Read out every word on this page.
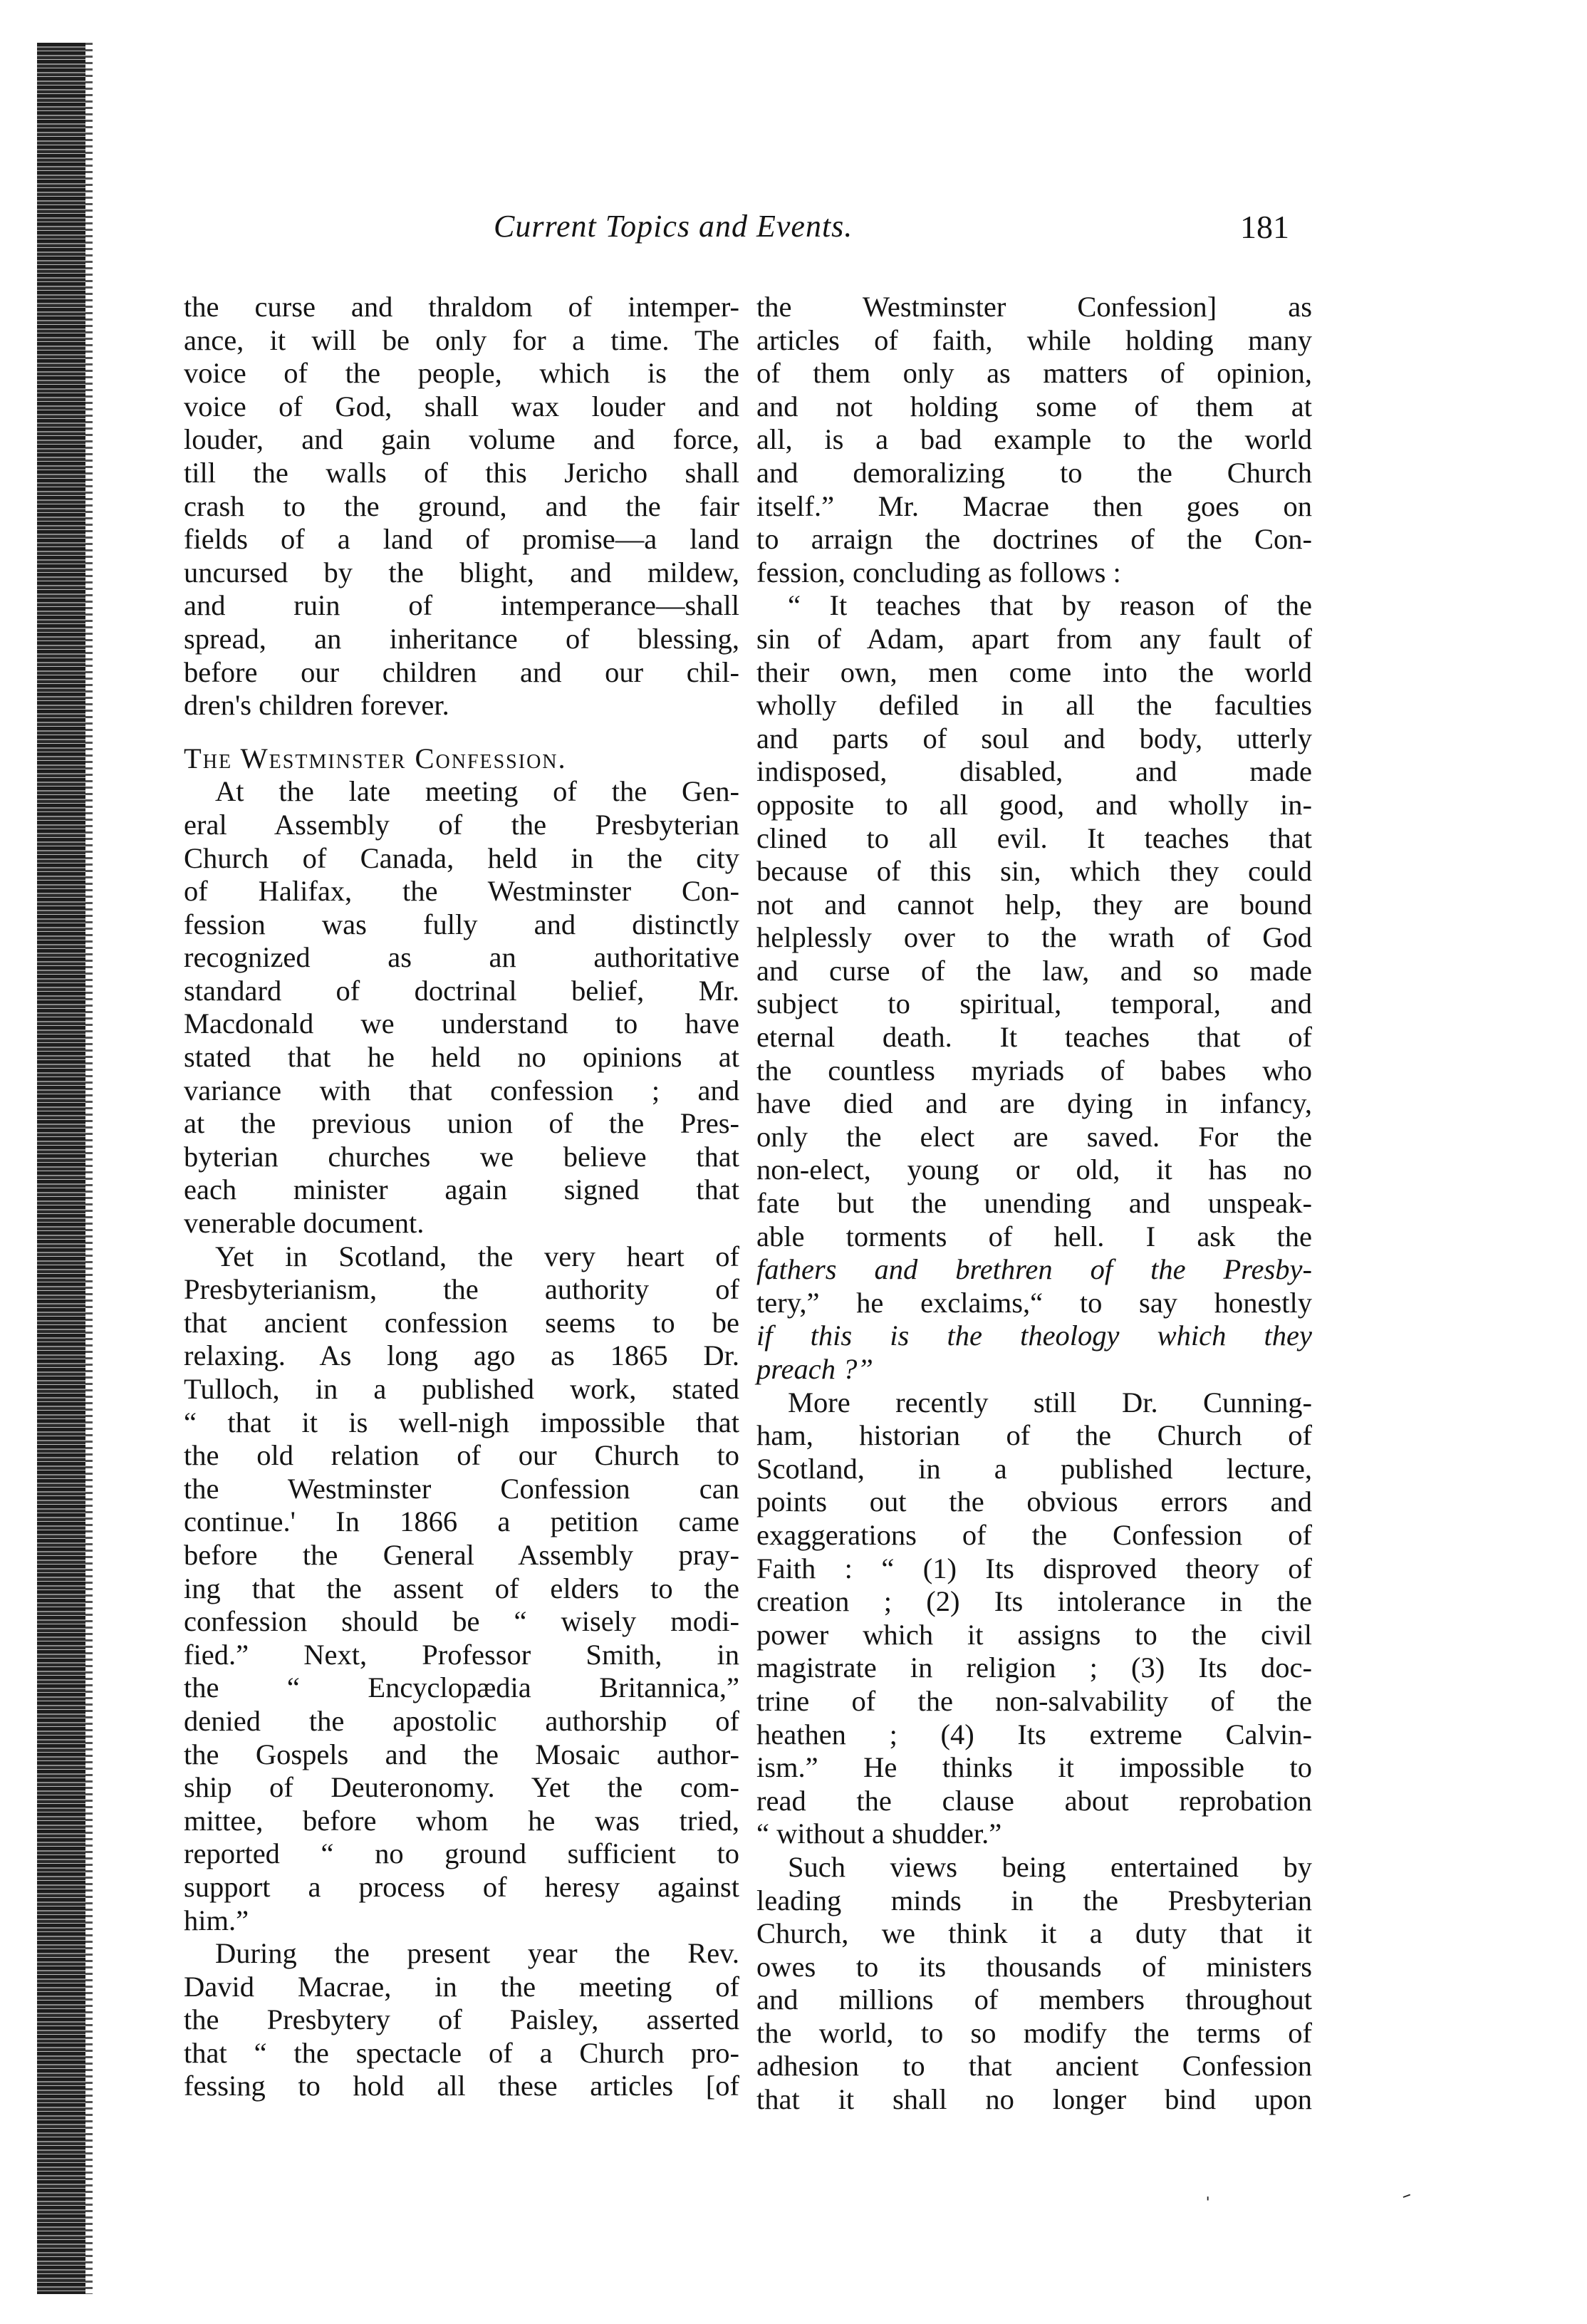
Current Topics and Events.	181
the curse and thraldom of intemper-
ance, it will be only for a time. The
voice of the people, which is the
voice of God, shall wax louder and
louder, and gain volume and force,
till the walls of this Jericho shall
crash to the ground, and the fair
fields of a land of promise—a land
uncursed by the blight, and mildew,
and ruin of intemperance—shall
spread, an inheritance of blessing,
before our children and our chil-
dren's children forever.
The Westminster Confession.
At the late meeting of the Gen-
eral Assembly of the Presbyterian
Church of Canada, held in the city
of Halifax, the Westminster Con-
fession was fully and distinctly
recognized as an authoritative
standard of doctrinal belief, Mr.
Macdonald we understand to have
stated that he held no opinions at
variance with that confession ; and
at the previous union of the Pres-
byterian churches we believe that
each minister again signed that
venerable document.
Yet in Scotland, the very heart of
Presbyterianism, the authority of
that ancient confession seems to be
relaxing. As long ago as 1865 Dr.
Tulloch, in a published work, stated
“ that it is well-nigh impossible that
the old relation of our Church to
the Westminster Confession can
continue.' In 1866 a petition came
before the General Assembly pray-
ing that the assent of elders to the
confession should be “ wisely modi-
fied.” Next, Professor Smith, in
the “ Encyclopædia Britannica,”
denied the apostolic authorship of
the Gospels and the Mosaic author-
ship of Deuteronomy. Yet the com-
mittee, before whom he was tried,
reported “ no ground sufficient to
support a process of heresy against
him.”
During the present year the Rev.
David Macrae, in the meeting of
the Presbytery of Paisley, asserted
that “ the spectacle of a Church pro-
fessing to hold all these articles [of
the Westminster Confession] as
articles of faith, while holding many
of them only as matters of opinion,
and not holding some of them at
all, is a bad example to the world
and demoralizing to the Church
itself.” Mr. Macrae then goes on
to arraign the doctrines of the Con-
fession, concluding as follows :
“ It teaches that by reason of the
sin of Adam, apart from any fault of
their own, men come into the world
wholly defiled in all the faculties
and parts of soul and body, utterly
indisposed, disabled, and made
opposite to all good, and wholly in-
clined to all evil. It teaches that
because of this sin, which they could
not and cannot help, they are bound
helplessly over to the wrath of God
and curse of the law, and so made
subject to spiritual, temporal, and
eternal death. It teaches that of
the countless myriads of babes who
have died and are dying in infancy,
only the elect are saved. For the
non-elect, young or old, it has no
fate but the unending and unspeak-
able torments of hell. I ask the
fathers and brethren of the Presby-
tery,” he exclaims,“ to say honestly
if this is the theology which they
preach ?”
More recently still Dr. Cunning-
ham, historian of the Church of
Scotland, in a published lecture,
points out the obvious errors and
exaggerations of the Confession of
Faith : “ (1) Its disproved theory of
creation ; (2) Its intolerance in the
power which it assigns to the civil
magistrate in religion ; (3) Its doc-
trine of the non-salvability of the
heathen ; (4) Its extreme Calvin-
ism.” He thinks it impossible to
read the clause about reprobation
“ without a shudder.”
Such views being entertained by
leading minds in the Presbyterian
Church, we think it a duty that it
owes to its thousands of ministers
and millions of members throughout
the world, to so modify the terms of
adhesion to that ancient Confession
that it shall no longer bind upon
ˈ	˗
